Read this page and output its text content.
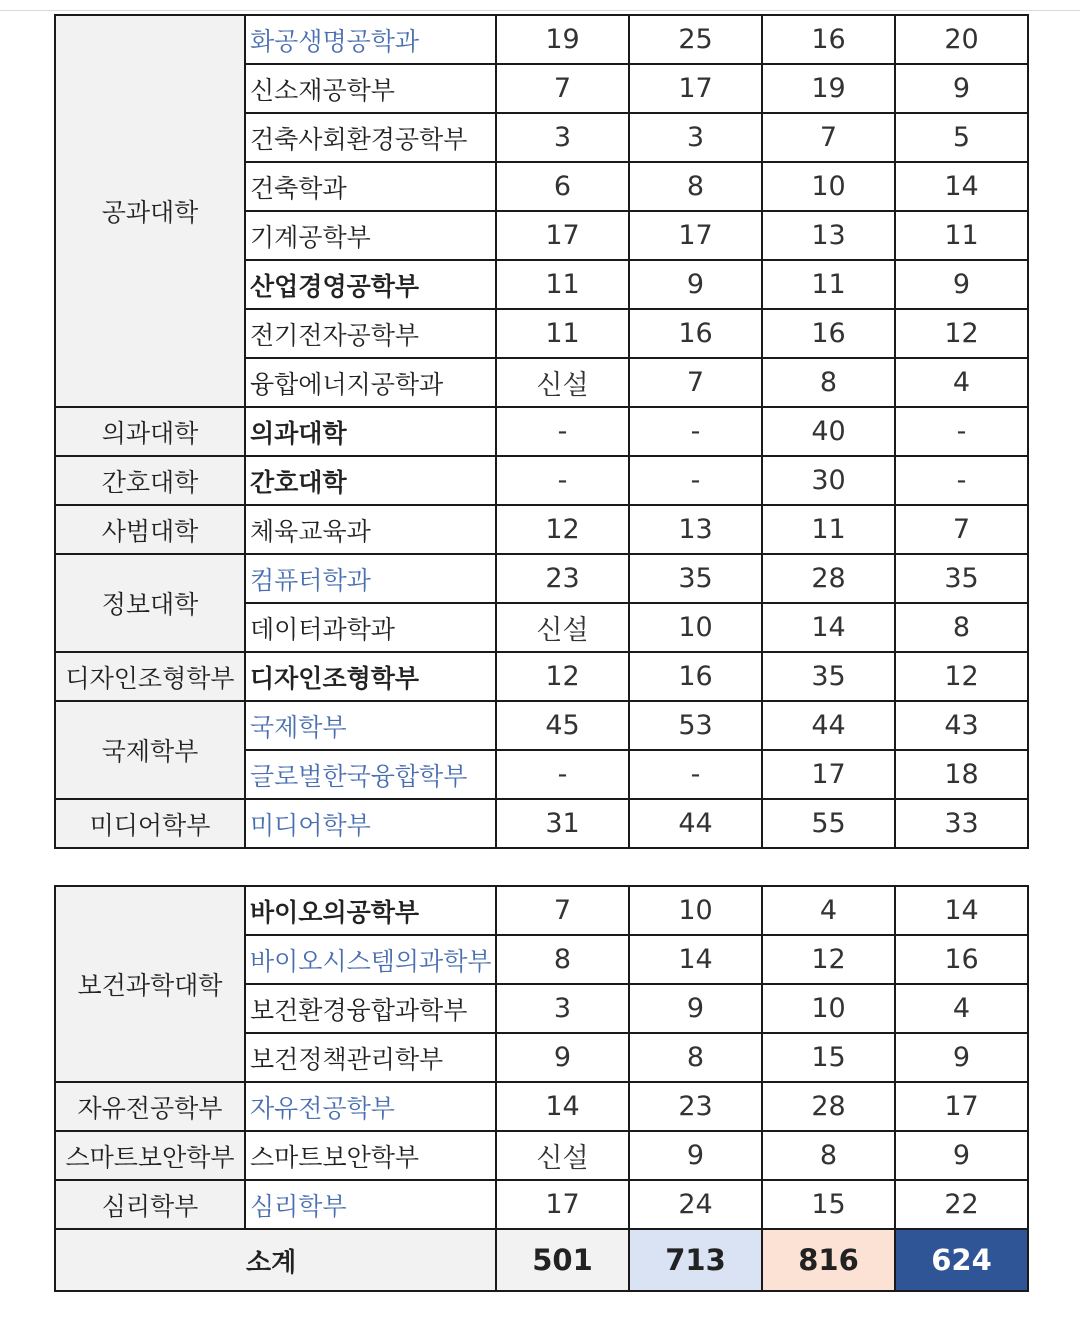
공과대학	화공생명공학과	19	25	16	20
	신소재공학부	7	17	19	9
	건축사회환경공학부	3	3	7	5
	건축학과	6	8	10	14
	기계공학부	17	17	13	11
	산업경영공학부	11	9	11	9
	전기전자공학부	11	16	16	12
	융합에너지공학과	신설	7	8	4
의과대학	의과대학	-	-	40	-
간호대학	간호대학	-	-	30	-
사범대학	체육교육과	12	13	11	7
정보대학	컴퓨터학과	23	35	28	35
	데이터과학과	신설	10	14	8
디자인조형학부	디자인조형학부	12	16	35	12
국제학부	국제학부	45	53	44	43
	글로벌한국융합학부	-	-	17	18
미디어학부	미디어학부	31	44	55	33
보건과학대학	바이오의공학부	7	10	4	14
	바이오시스템의과학부	8	14	12	16
	보건환경융합과학부	3	9	10	4
	보건정책관리학부	9	8	15	9
자유전공학부	자유전공학부	14	23	28	17
스마트보안학부	스마트보안학부	신설	9	8	9
심리학부	심리학부	17	24	15	22
소계		501	713	816	624
